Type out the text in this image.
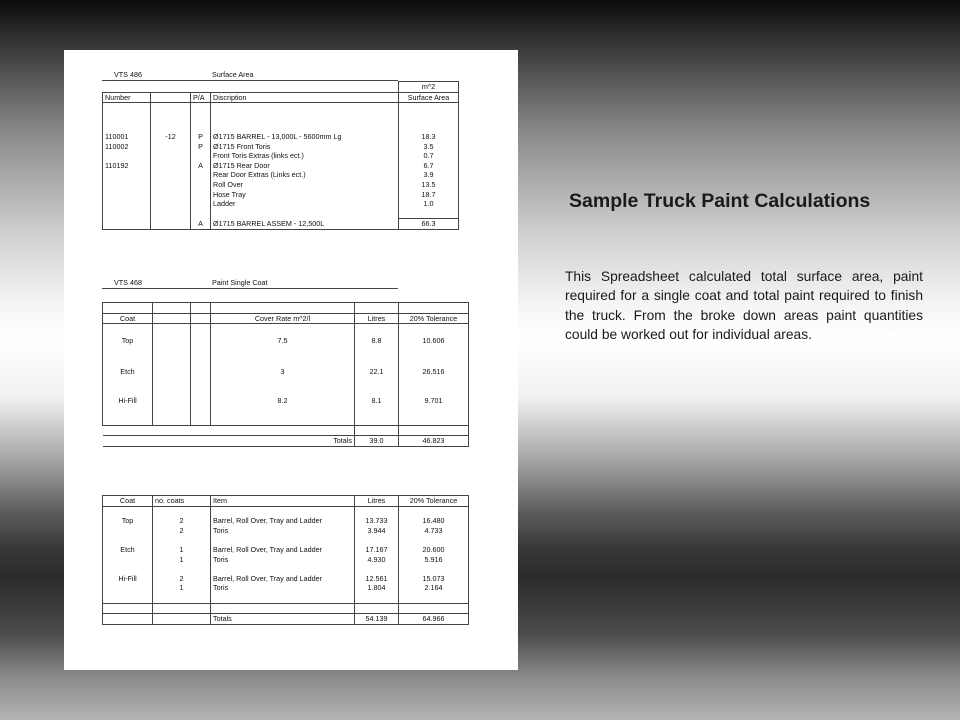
VTS 486	Surface Area
				m^2
Number		P/A	Discription	Surface Area

110001	-12	P	Ø1715 BARREL - 13,000L - 5600mm Lg	18.3
110002		P	Ø1715 Front Toris	3.5
			Front Toris Extras (links ect.)	0.7
110192		A	Ø1715 Rear Door	6.7
			Rear Door Extras (Links ect.)	3.9
			Roll Over	13.5
			Hose Tray	18.7
			Ladder	1.0

		A	Ø1715 BARREL ASSEM - 12,500L	66.3
VTS 468	Paint Single Coat

Coat			Cover Rate m^2/l	Litres	20% Tolerance

Top			7.5	8.8	10.606

Etch			3	22.1	26.516

Hi-Fill			8.2	8.1	9.701

			Totals	39.0	46.823
Coat	no. coats	Item	Litres	20% Tolerance

Top	2	Barrel, Roll Over, Tray and Ladder	13.733	16.480
	2	Toris	3.944	4.733

Etch	1	Barrel, Roll Over, Tray and Ladder	17.167	20.600
	1	Toris	4.930	5.916

Hi-Fill	2	Barrel, Roll Over, Tray and Ladder	12.561	15.073
	1	Toris	1.804	2.164

		Totals	54.139	64.966
Sample Truck Paint Calculations
This Spreadsheet calculated total surface area, paint required for a single coat and total paint required to finish the truck. From the broke down areas paint quantities could be worked out for individual areas.
